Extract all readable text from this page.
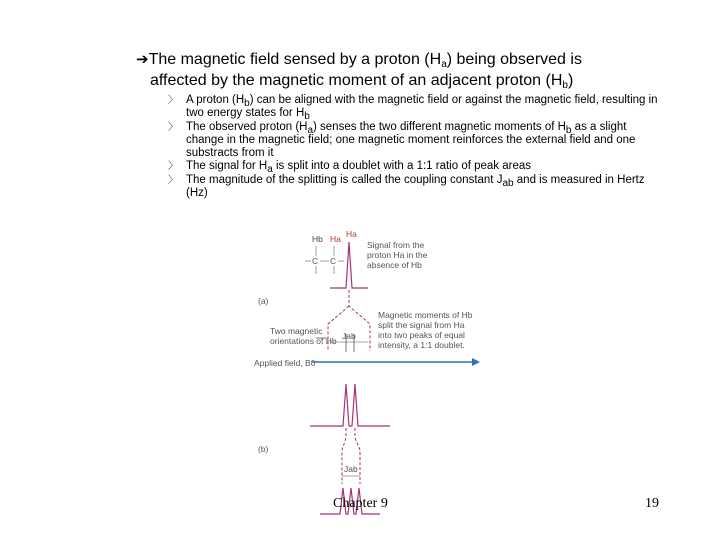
➔The magnetic field sensed by a proton $(H_a)$ being observed is
affected by the magnetic moment of an adjacent proton $(H_b)$
〉 A proton $(H_b)$ can be aligned with the magnetic field or against the magnetic field, resulting in two energy states for $H_b$
〉 The observed proton $(H_a)$ senses the two different magnetic moments of $H_b$ as a slight change in the magnetic field; one magnetic moment reinforces the external field and one substracts from it
〉 The signal for $H_a$ is split into a doublet with a 1:1 ratio of peak areas
〉 The magnitude of the splitting is called the coupling constant $J_{ab}$ and is measured in Hertz (Hz)
Hb Ha
C C
Ha
Signal from the
proton Ha in the
absence of Hb
(a)
Two magnetic
orientations of Hb
Magnetic moments of Hb
split the signal from Ha
into two peaks of equal
intensity, a 1:1 doublet.
Jab
Applied field, B0
(b)
Jab
Chapter 9	19
